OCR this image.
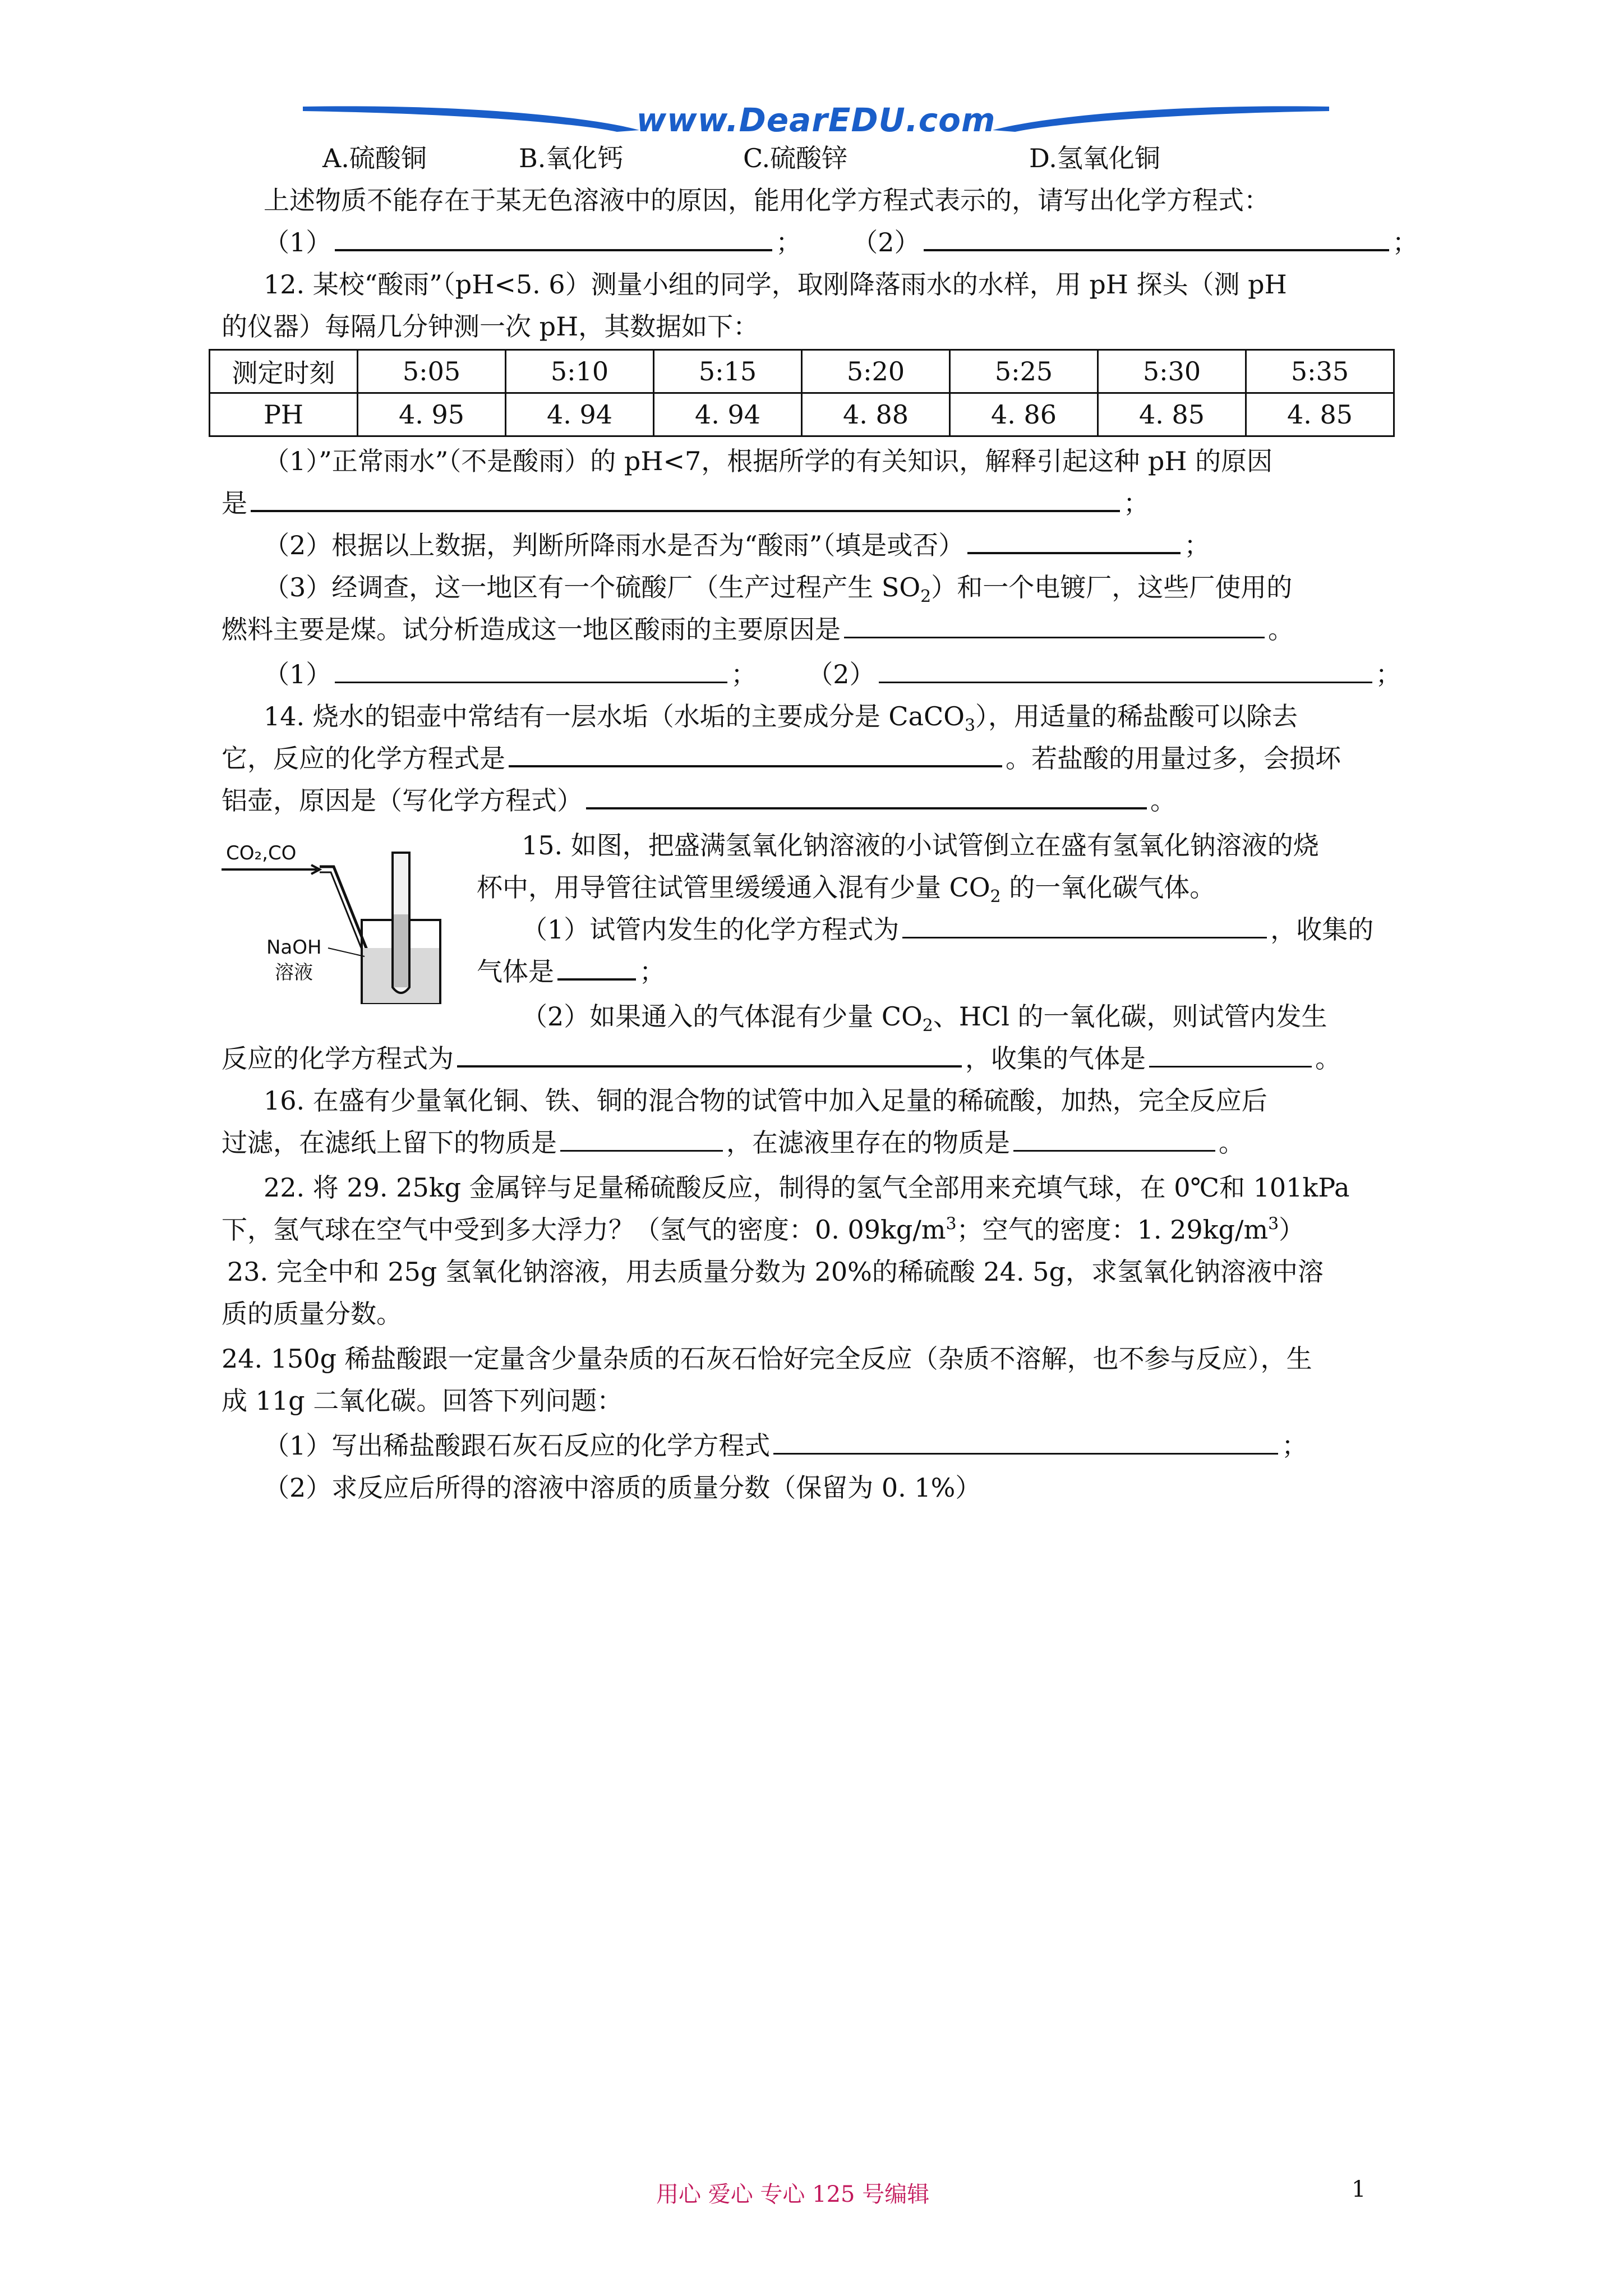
www.DearEDU.com
A.硫酸铜	B.氧化钙	C.硫酸锌	D.氢氧化铜
上述物质不能存在于某无色溶液中的原因，能用化学方程式表示的，请写出化学方程式：
（1）	； （2）	；
12. 某校“酸雨”（pH<5. 6）测量小组的同学，取刚降落雨水的水样，用 pH 探头（测 pH
的仪器）每隔几分钟测一次 pH，其数据如下：
测定时刻	5:05	5:10	5:15	5:20	5:25	5:30	5:35
PH	4. 95	4. 94	4. 94	4. 88	4. 86	4. 85	4. 85
（1）”正常雨水”（不是酸雨）的 pH<7，根据所学的有关知识，解释引起这种 pH 的原因
是	；
（2）根据以上数据，判断所降雨水是否为“酸雨”（填是或否）	；
（3）经调查，这一地区有一个硫酸厂（生产过程产生 $SO_2$）和一个电镀厂，这些厂使用的
燃料主要是煤。试分析造成这一地区酸雨的主要原因是	。
（1）	； （2）	；
14. 烧水的铝壶中常结有一层水垢（水垢的主要成分是 CaCO$_3$），用适量的稀盐酸可以除去
它，反应的化学方程式是	。若盐酸的用量过多，会损坏
铝壶，原因是（写化学方程式）	。
CO₂,CO
NaOH
溶液
15. 如图，把盛满氢氧化钠溶液的小试管倒立在盛有氢氧化钠溶液的烧
杯中，用导管往试管里缓缓通入混有少量 $CO_2$ 的一氧化碳气体。
（1）试管内发生的化学方程式为	，收集的
气体是	；
（2）如果通入的气体混有少量 $CO_2$、HCl 的一氧化碳，则试管内发生
反应的化学方程式为	，收集的气体是	。
16. 在盛有少量氧化铜、铁、铜的混合物的试管中加入足量的稀硫酸，加热，完全反应后
过滤，在滤纸上留下的物质是	，在滤液里存在的物质是	。
22. 将 29. 25kg 金属锌与足量稀硫酸反应，制得的氢气全部用来充填气球，在 0℃和 101kPa
下，氢气球在空气中受到多大浮力？（氢气的密度：0. $09kg/m^3$；空气的密度：1. $29kg/m^3$）
23. 完全中和 25g 氢氧化钠溶液，用去质量分数为 20%的稀硫酸 24. 5g，求氢氧化钠溶液中溶
质的质量分数。
24. 150g 稀盐酸跟一定量含少量杂质的石灰石恰好完全反应（杂质不溶解，也不参与反应），生
成 11g 二氧化碳。回答下列问题：
（1）写出稀盐酸跟石灰石反应的化学方程式	；
（2）求反应后所得的溶液中溶质的质量分数（保留为 0. 1%）
用心 爱心 专心 125 号编辑	1
